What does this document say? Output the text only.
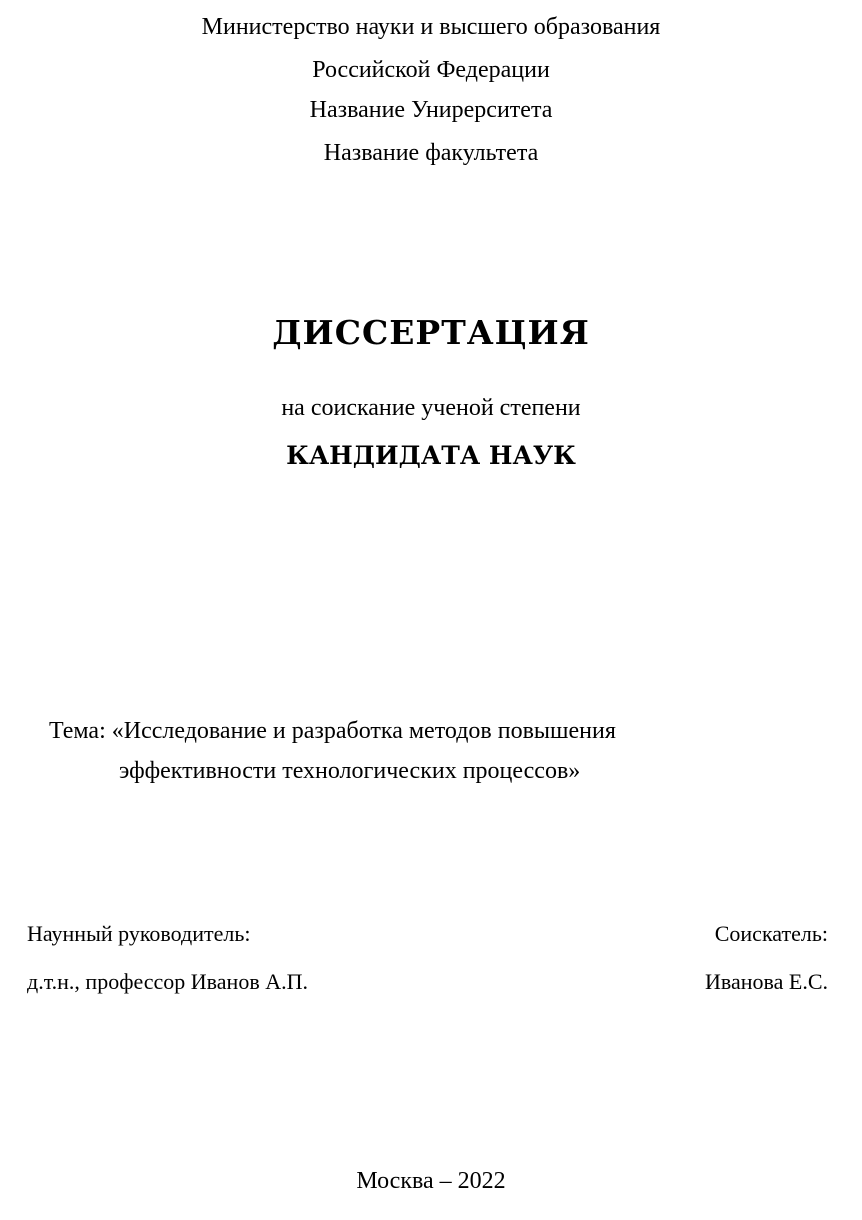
Министерство науки и высшего образования
Российской Федерации
Название Унирерситета
Название факультета
ДИССЕРТАЦИЯ
на соискание ученой степени
КАНДИДАТА НАУК
Тема: «Исследование и разработка методов повышения
эффективности технологических процессов»
Наунный руководитель:
д.т.н., профессор Иванов А.П.
Соискатель:
Иванова Е.С.
Москва – 2022
